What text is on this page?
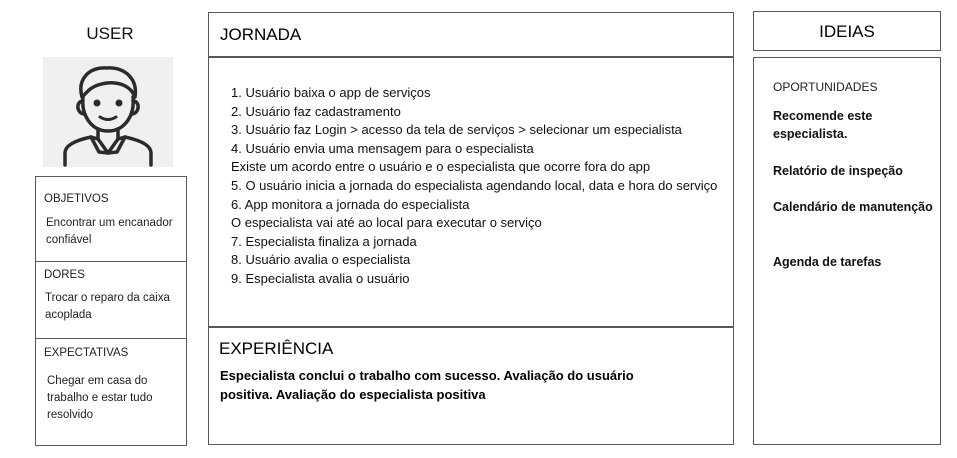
USER
OBJETIVOS
Encontrar um encanador confiável
DORES
Trocar o reparo da caixa acoplada
EXPECTATIVAS
Chegar em casa do trabalho e estar tudo resolvido
JORNADA
1. Usuário baixa o app de serviços
2. Usuário faz cadastramento
3. Usuário faz Login > acesso da tela de serviços > selecionar um especialista
4. Usuário envia uma mensagem para o especialista
Existe um acordo entre o usuário e o especialista que ocorre fora do app
5. O usuário inicia a jornada do especialista agendando local, data e hora do serviço
6. App monitora a jornada do especialista
O especialista vai até ao local para executar o serviço
7. Especialista finaliza a jornada
8. Usuário avalia o especialista
9. Especialista avalia o usuário
EXPERIÊNCIA
Especialista conclui o trabalho com sucesso. Avaliação do usuário positiva. Avaliação do especialista positiva
IDEIAS
OPORTUNIDADES
Recomende este especialista.
Relatório de inspeção
Calendário de manutenção
Agenda de tarefas
